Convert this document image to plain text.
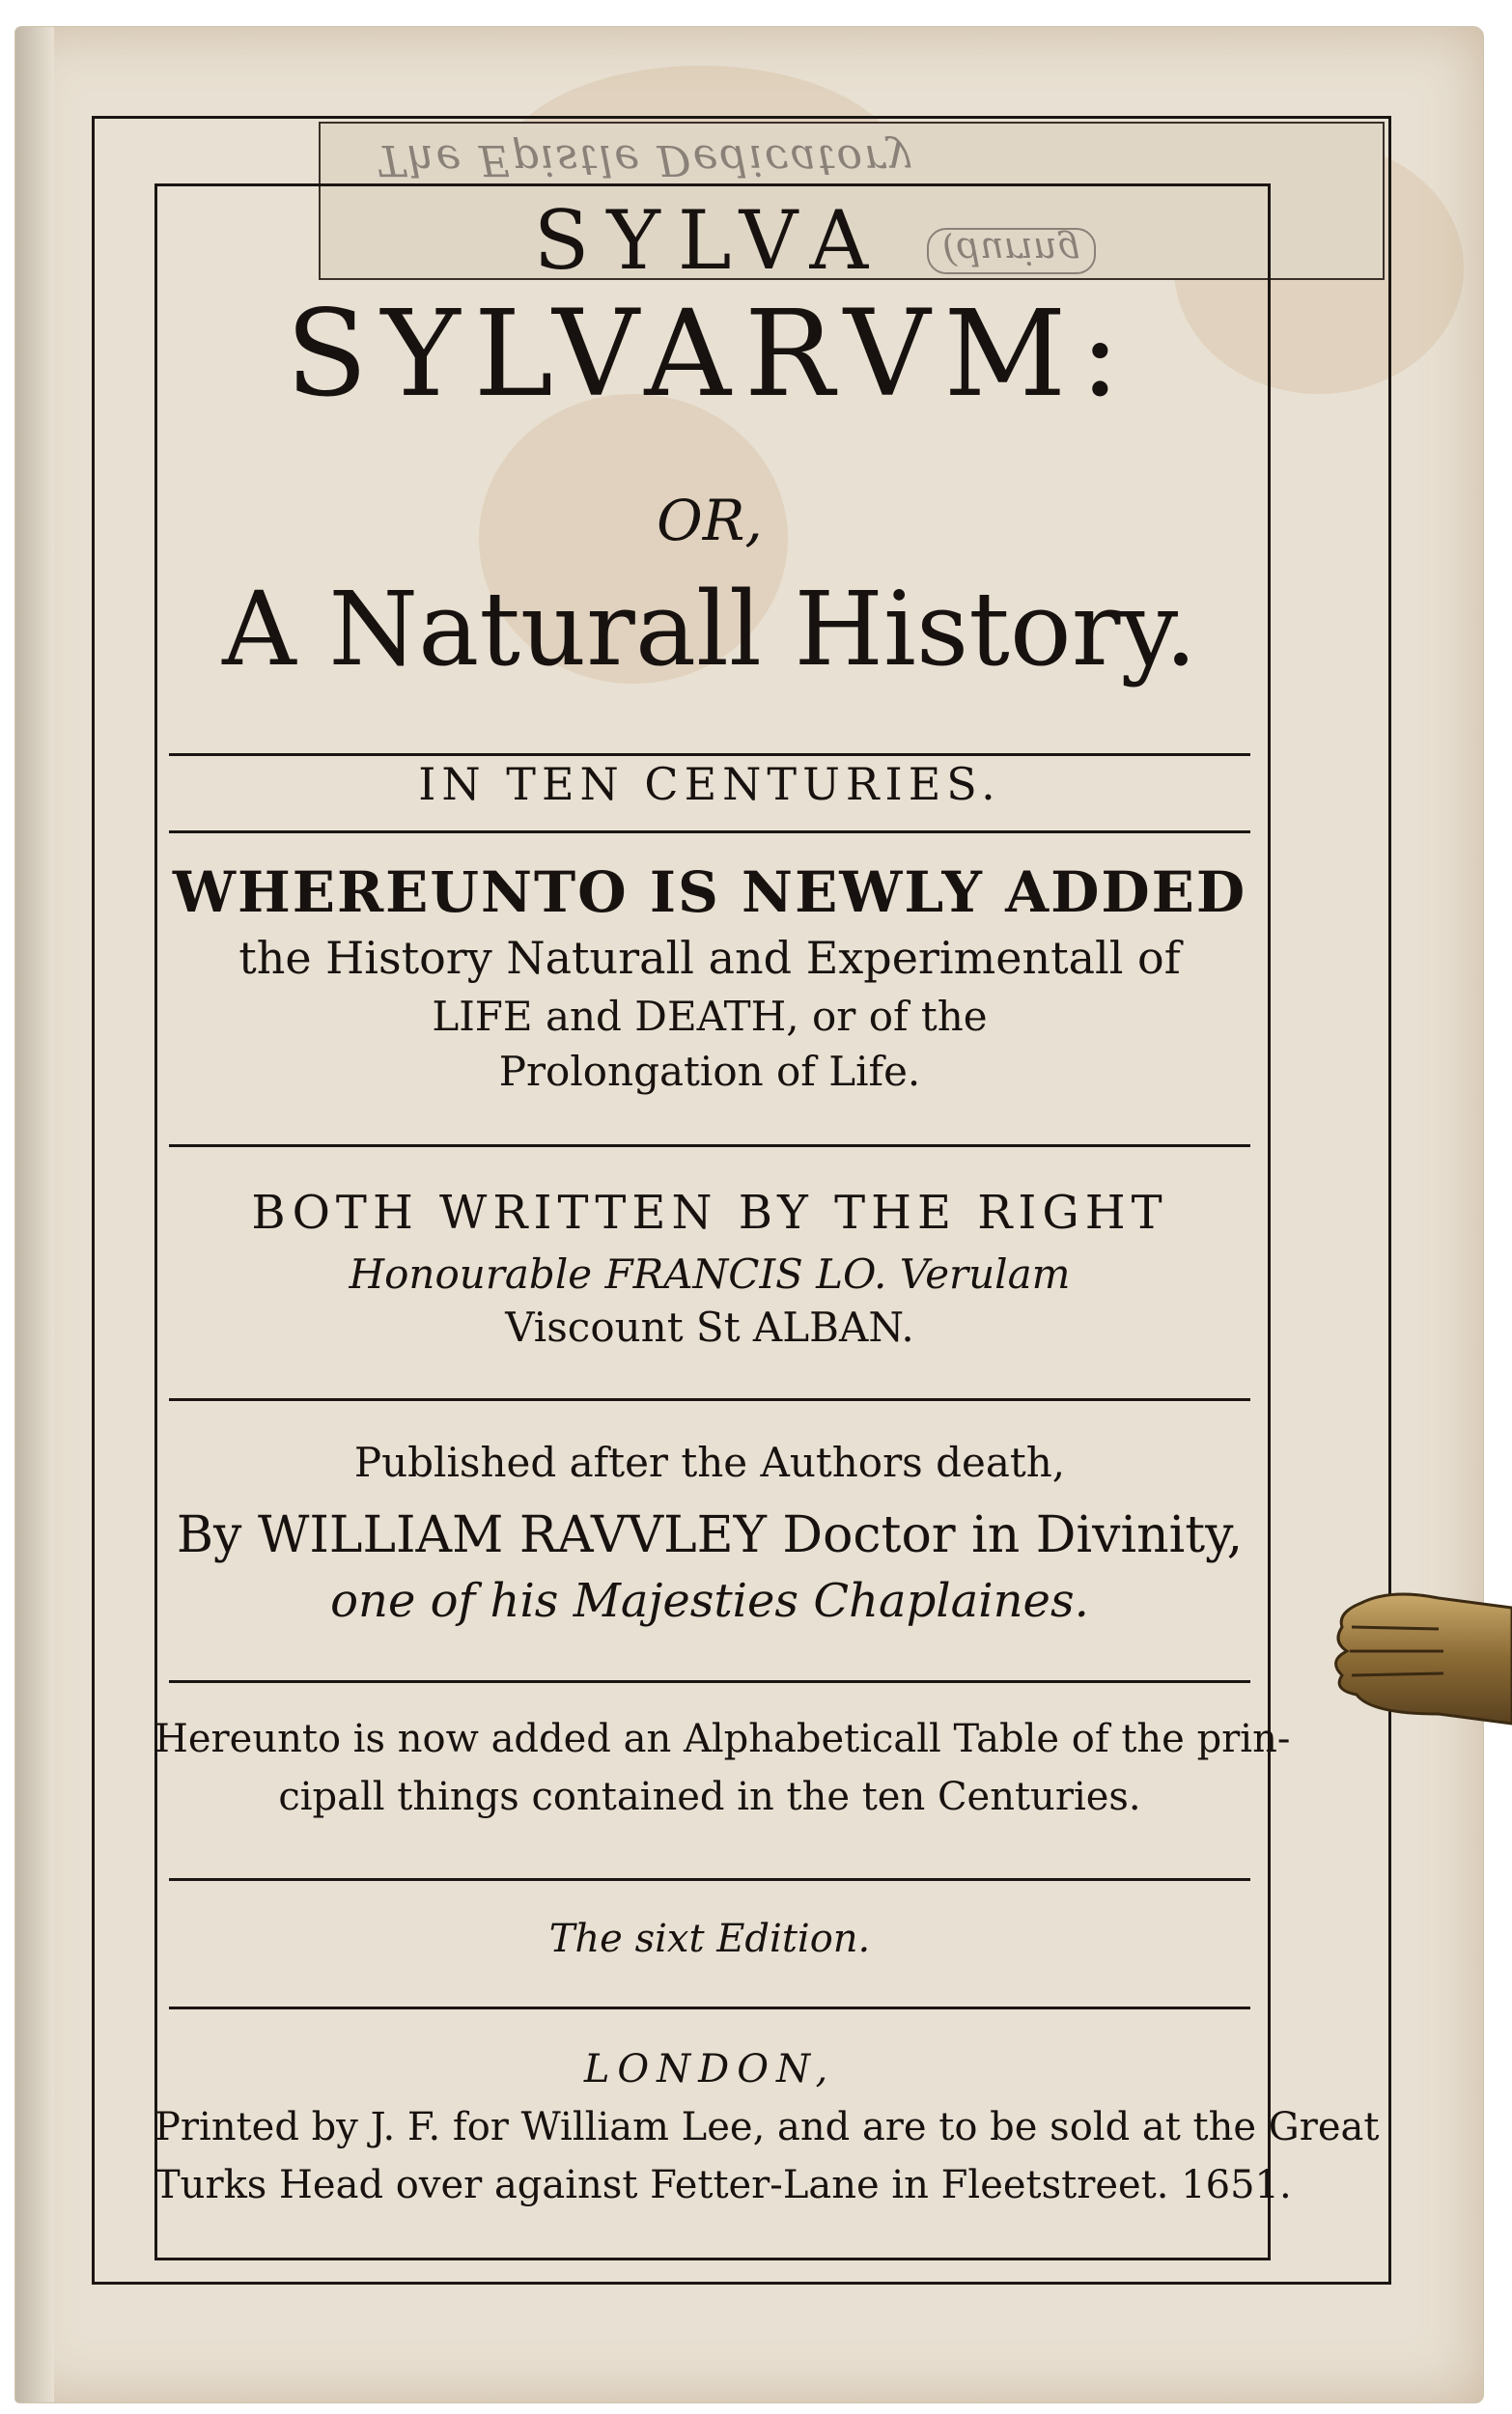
The Epistle Dedicatory
(during
SYLVA
SYLVARVM:
OR,
A Naturall History.
IN TEN CENTURIES.
WHEREUNTO IS NEWLY ADDED
the History Naturall and Experimentall of
LIFE and DEATH, or of the
Prolongation of Life.
BOTH WRITTEN BY THE RIGHT
Honourable FRANCIS LO. Verulam
Viscount St ALBAN.
Published after the Authors death,
By WILLIAM RAVVLEY Doctor in Divinity,
one of his Majesties Chaplaines.
Hereunto is now added an Alphabeticall Table of the prin-
cipall things contained in the ten Centuries.
The sixt Edition.
LONDON,
Printed by J. F. for William Lee, and are to be sold at the Great
Turks Head over against Fetter-Lane in Fleetstreet. 1651.
